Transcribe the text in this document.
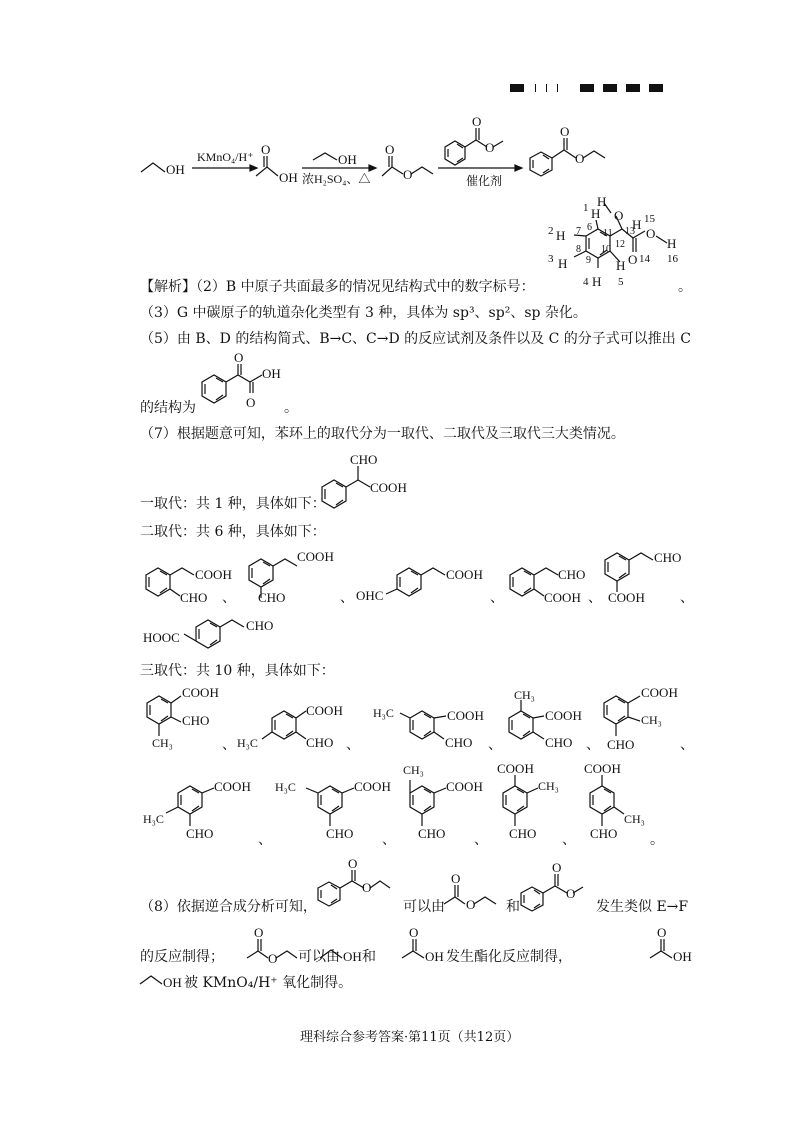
OH
KMnO₄/H⁺ O
OH
OH
浓H₂SO₄、△
O
O
O
O
催化剂
O
O
1 H
H
O 15
2 H 7 6
11 13
H
O
H
12
8 10
9
3 H	H O 14 16
4 H 5
【解析】（2）B 中原子共面最多的情况见结构式中的数字标号：	。
（3）G 中碳原子的轨道杂化类型有 3 种，具体为 sp³、sp²、sp 杂化。
（5）由 B、D 的结构简式、B→C、C→D 的反应试剂及条件以及 C 的分子式可以推出 C
的结构为	。
O
OH
O
（7）根据题意可知，苯环上的取代分为一取代、二取代及三取代三大类情况。
一取代：共 1 种，具体如下：
CHO
COOH
二取代：共 6 种，具体如下：
COOH
CHO 、
COOH
CHO	、 OHC
COOH
、
CHO
COOH 、
CHO
COOH	、
HOOC
CHO
三取代：共 10 种，具体如下：
COOH
CHO
CH₃	、 H₃C
COOH
CHO 、
H₃C	COOH
CHO 、
CH₃
COOH
CHO 、
COOH
CH₃
CHO	、
COOH
H₃C
CHO	、
H₃C	COOH
CHO 、
CH₃
COOH
CHO 、
COOH
CH₃
CHO 、
COOH
CH₃
CHO 。
（8）依据逆合成分析可知，
O
O
可以由
O
O 和
O
O
发生类似 E→F
的反应制得；
O
O 可以由 OH 和
O
OH 发生酯化反应制得，
O
OH
OH 被 KMnO₄/H⁺ 氧化制得。
理科综合参考答案·第11页（共12页）
